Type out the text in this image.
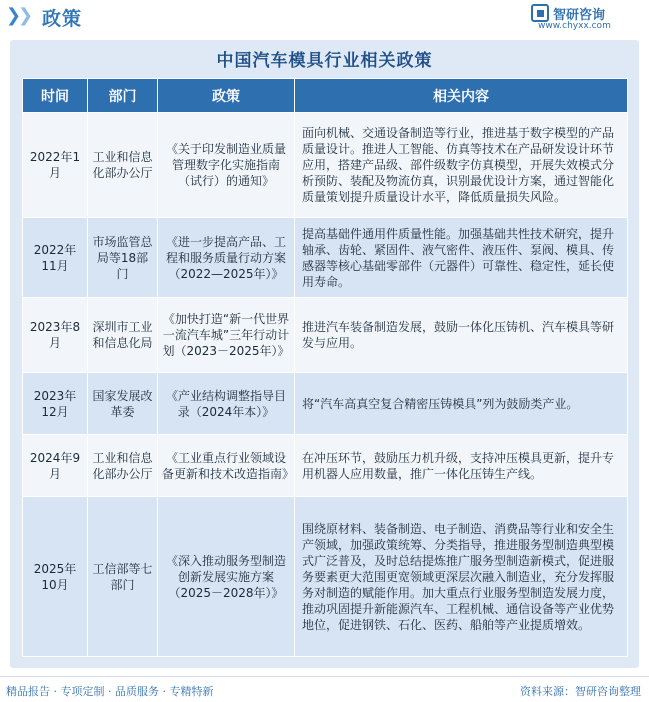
❯
❯ 政策	智研咨询
www.chyxx.com
中国汽车模具行业相关政策
时间	部门	政策	相关内容
2022年1月	工业和信息化部办公厅	《关于印发制造业质量管理数字化实施指南（试行）的通知》	面向机械、交通设备制造等行业，推进基于数字模型的产品质量设计。推进人工智能、仿真等技术在产品研发设计环节应用，搭建产品级、部件级数字仿真模型，开展失效模式分析预防、装配及物流仿真，识别最优设计方案，通过智能化质量策划提升质量设计水平，降低质量损失风险。
2022年11月	市场监管总局等18部门	《进一步提高产品、工程和服务质量行动方案（2022—2025年）》	提高基础件通用件质量性能。加强基础共性技术研究，提升轴承、齿轮、紧固件、液气密件、液压件、泵阀、模具、传感器等核心基础零部件（元器件）可靠性、稳定性，延长使用寿命。
2023年8月	深圳市工业和信息化局	《加快打造“新一代世界一流汽车城”三年行动计划（2023－2025年）》	推进汽车装备制造发展，鼓励一体化压铸机、汽车模具等研发与应用。
2023年12月	国家发展改革委	《产业结构调整指导目录（2024年本）》	将“汽车高真空复合精密压铸模具”列为鼓励类产业。
2024年9月	工业和信息化部办公厅	《工业重点行业领域设备更新和技术改造指南》	在冲压环节，鼓励压力机升级，支持冲压模具更新，提升专用机器人应用数量，推广一体化压铸生产线。
2025年10月	工信部等七部门	《深入推动服务型制造创新发展实施方案（2025－2028年）》	围绕原材料、装备制造、电子制造、消费品等行业和安全生产领域，加强政策统筹、分类指导，推进服务型制造典型模式广泛普及，及时总结提炼推广服务型制造新模式，促进服务要素更大范围更宽领域更深层次融入制造业，充分发挥服务对制造的赋能作用。加大重点行业服务型制造发展力度，推动巩固提升新能源汽车、工程机械、通信设备等产业优势地位，促进钢铁、石化、医药、船舶等产业提质增效。
精品报告 · 专项定制 · 品质服务 · 专精特新	资料来源：智研咨询整理
